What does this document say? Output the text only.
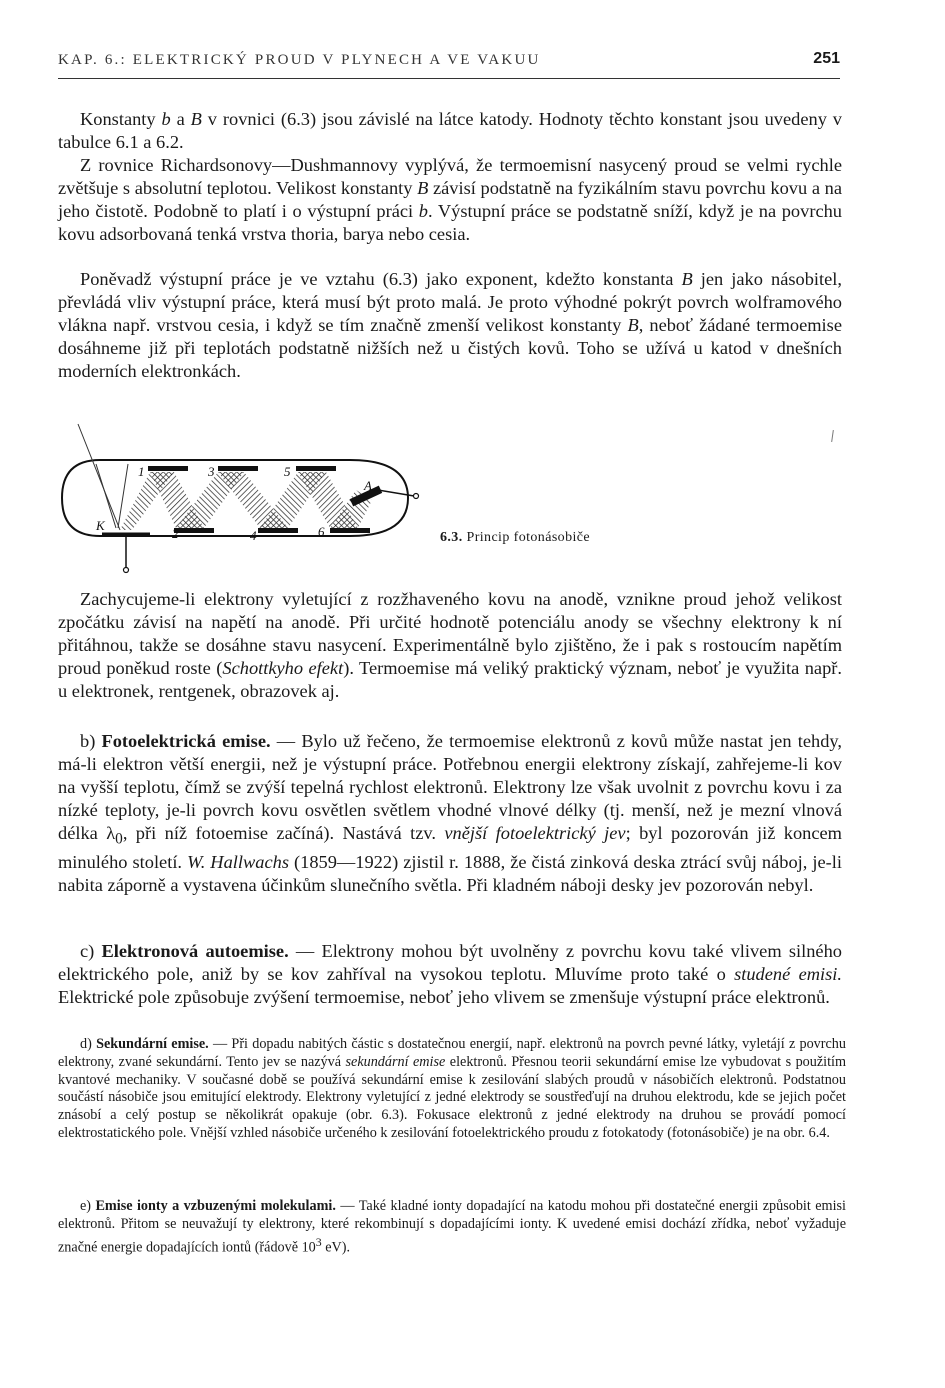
KAP. 6.: ELEKTRICKÝ PROUD V PLYNECH A VE VAKUU	251

Konstanty b a B v rovnici (6.3) jsou závislé na látce katody. Hodnoty těchto konstant jsou uvedeny v tabulce 6.1 a 6.2.

Z rovnice Richardsonovy—Dushmannovy vyplývá, že termoemisní nasycený proud se velmi rychle zvětšuje s absolutní teplotou. Velikost konstanty B závisí podstatně na fyzikálním stavu povrchu kovu a na jeho čistotě. Podobně to platí i o výstupní práci b. Výstupní práce se podstatně sníží, když je na povrchu kovu adsorbovaná tenká vrstva thoria, barya nebo cesia.

Poněvadž výstupní práce je ve vztahu (6.3) jako exponent, kdežto konstanta B jen jako násobitel, převládá vliv výstupní práce, která musí být proto malá. Je proto výhodné pokrýt povrch wolframového vlákna např. vrstvou cesia, i když se tím značně zmenší velikost konstanty B, neboť žádané termoemise dosáhneme již při teplotách podstatně nižších než u čistých kovů. Toho se užívá u katod v dnešních moderních elektronkách.

K
A
1	3	5
2	4	6	6.3. Princip fotonásobiče

Zachycujeme-li elektrony vyletující z rozžhaveného kovu na anodě, vznikne proud jehož velikost zpočátku závisí na napětí na anodě. Při určité hodnotě potenciálu anody se všechny elektrony k ní přitáhnou, takže se dosáhne stavu nasycení. Experimentálně bylo zjištěno, že i pak s rostoucím napětím proud poněkud roste (Schottkyho efekt). Termoemise má veliký praktický význam, neboť je využita např. u elektronek, rentgenek, obrazovek aj.

b) Fotoelektrická emise. — Bylo už řečeno, že termoemise elektronů z kovů může nastat jen tehdy, má-li elektron větší energii, než je výstupní práce. Potřebnou energii elektrony získají, zahřejeme-li kov na vyšší teplotu, čímž se zvýší tepelná rychlost elektronů. Elektrony lze však uvolnit z povrchu kovu i za nízké teploty, je-li povrch kovu osvětlen světlem vhodné vlnové délky (tj. menší, než je mezní vlnová délka $\lambda_0$, při níž fotoemise začíná). Nastává tzv. vnější fotoelektrický jev; byl pozorován již koncem minulého století. W. Hallwachs (1859—1922) zjistil r. 1888, že čistá zinková deska ztrácí svůj náboj, je-li nabita záporně a vystavena účinkům slunečního světla. Při kladném náboji desky jev pozorován nebyl.

c) Elektronová autoemise. — Elektrony mohou být uvolněny z povrchu kovu také vlivem silného elektrického pole, aniž by se kov zahříval na vysokou teplotu. Mluvíme proto také o studené emisi. Elektrické pole způsobuje zvýšení termoemise, neboť jeho vlivem se zmenšuje výstupní práce elektronů.

d) Sekundární emise. — Při dopadu nabitých částic s dostatečnou energií, např. elektronů na povrch pevné látky, vyletájí z povrchu elektrony, zvané sekundární. Tento jev se nazývá sekundární emise elektronů. Přesnou teorii sekundární emise lze vybudovat s použitím kvantové mechaniky. V současné době se používá sekundární emise k zesilování slabých proudů v násobičích elektronů. Podstatnou součástí násobiče jsou emitující elektrody. Elektrony vyletující z jedné elektrody se soustřeďují na druhou elektrodu, kde se jejich počet znásobí a celý postup se několikrát opakuje (obr. 6.3). Fokusace elektronů z jedné elektrody na druhou se provádí pomocí elektrostatického pole. Vnější vzhled násobiče určeného k zesilování fotoelektrického proudu z fotokatody (fotonásobiče) je na obr. 6.4.

e) Emise ionty a vzbuzenými molekulami. — Také kladné ionty dopadající na katodu mohou při dostatečné energii způsobit emisi elektronů. Přitom se neuvažují ty elektrony, které rekombinují s dopadajícími ionty. K uvedené emisi dochází zřídka, neboť vyžaduje značné energie dopadajících iontů (řádově $10^3$ eV).
